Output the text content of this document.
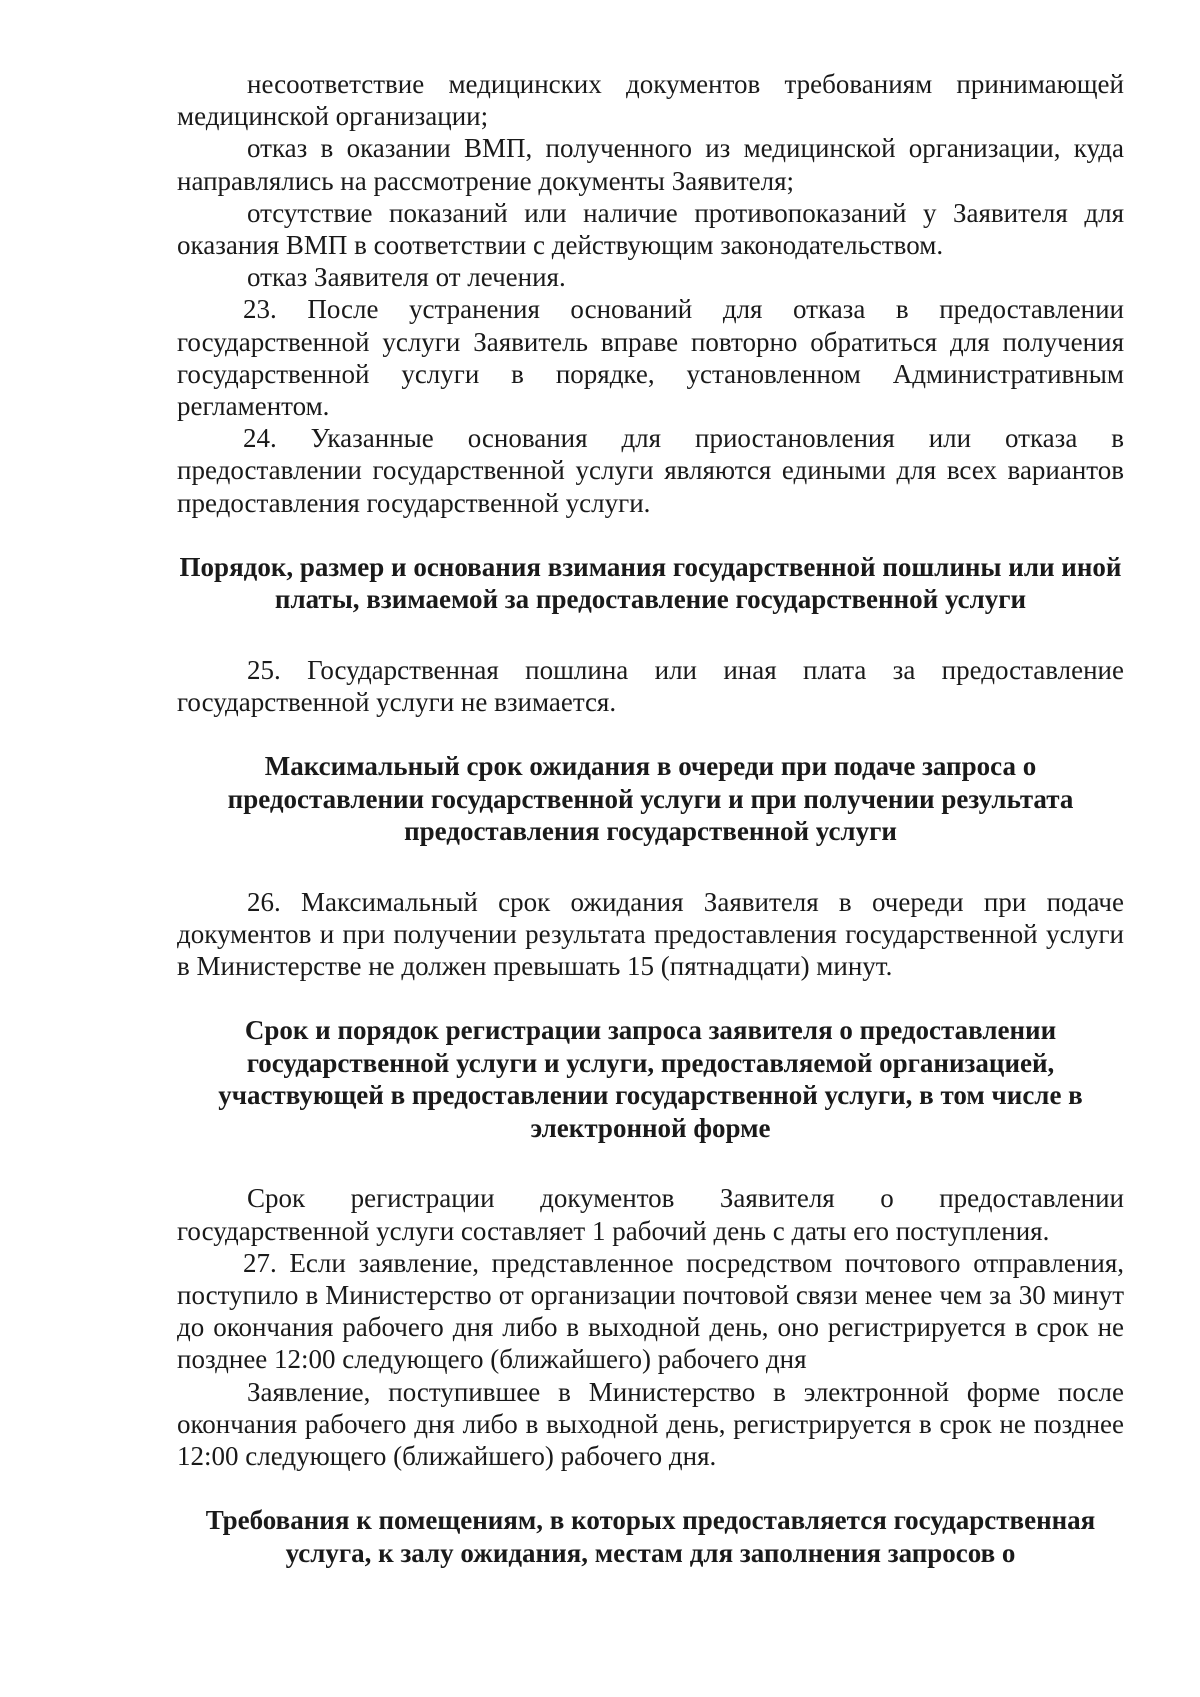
несоответствие медицинских документов требованиям принимающей медицинской организации;

отказ в оказании ВМП, полученного из медицинской организации, куда направлялись на рассмотрение документы Заявителя;

отсутствие показаний или наличие противопоказаний у Заявителя для оказания ВМП в соответствии с действующим законодательством.

отказ Заявителя от лечения.

23. После устранения оснований для отказа в предоставлении государственной услуги Заявитель вправе повторно обратиться для получения государственной услуги в порядке, установленном Административным регламентом.

24. Указанные основания для приостановления или отказа в предоставлении государственной услуги являются едиными для всех вариантов предоставления государственной услуги.

Порядок, размер и основания взимания государственной пошлины или иной платы, взимаемой за предоставление государственной услуги

25. Государственная пошлина или иная плата за предоставление государственной услуги не взимается.

Максимальный срок ожидания в очереди при подаче запроса о предоставлении государственной услуги и при получении результата предоставления государственной услуги

26. Максимальный срок ожидания Заявителя в очереди при подаче документов и при получении результата предоставления государственной услуги в Министерстве не должен превышать 15 (пятнадцати) минут.

Срок и порядок регистрации запроса заявителя о предоставлении государственной услуги и услуги, предоставляемой организацией, участвующей в предоставлении государственной услуги, в том числе в электронной форме

Срок регистрации документов Заявителя о предоставлении государственной услуги составляет 1 рабочий день с даты его поступления.

27. Если заявление, представленное посредством почтового отправления, поступило в Министерство от организации почтовой связи менее чем за 30 минут до окончания рабочего дня либо в выходной день, оно регистрируется в срок не позднее 12:00 следующего (ближайшего) рабочего дня

Заявление, поступившее в Министерство в электронной форме после окончания рабочего дня либо в выходной день, регистрируется в срок не позднее 12:00 следующего (ближайшего) рабочего дня.

Требования к помещениям, в которых предоставляется государственная услуга, к залу ожидания, местам для заполнения запросов о
